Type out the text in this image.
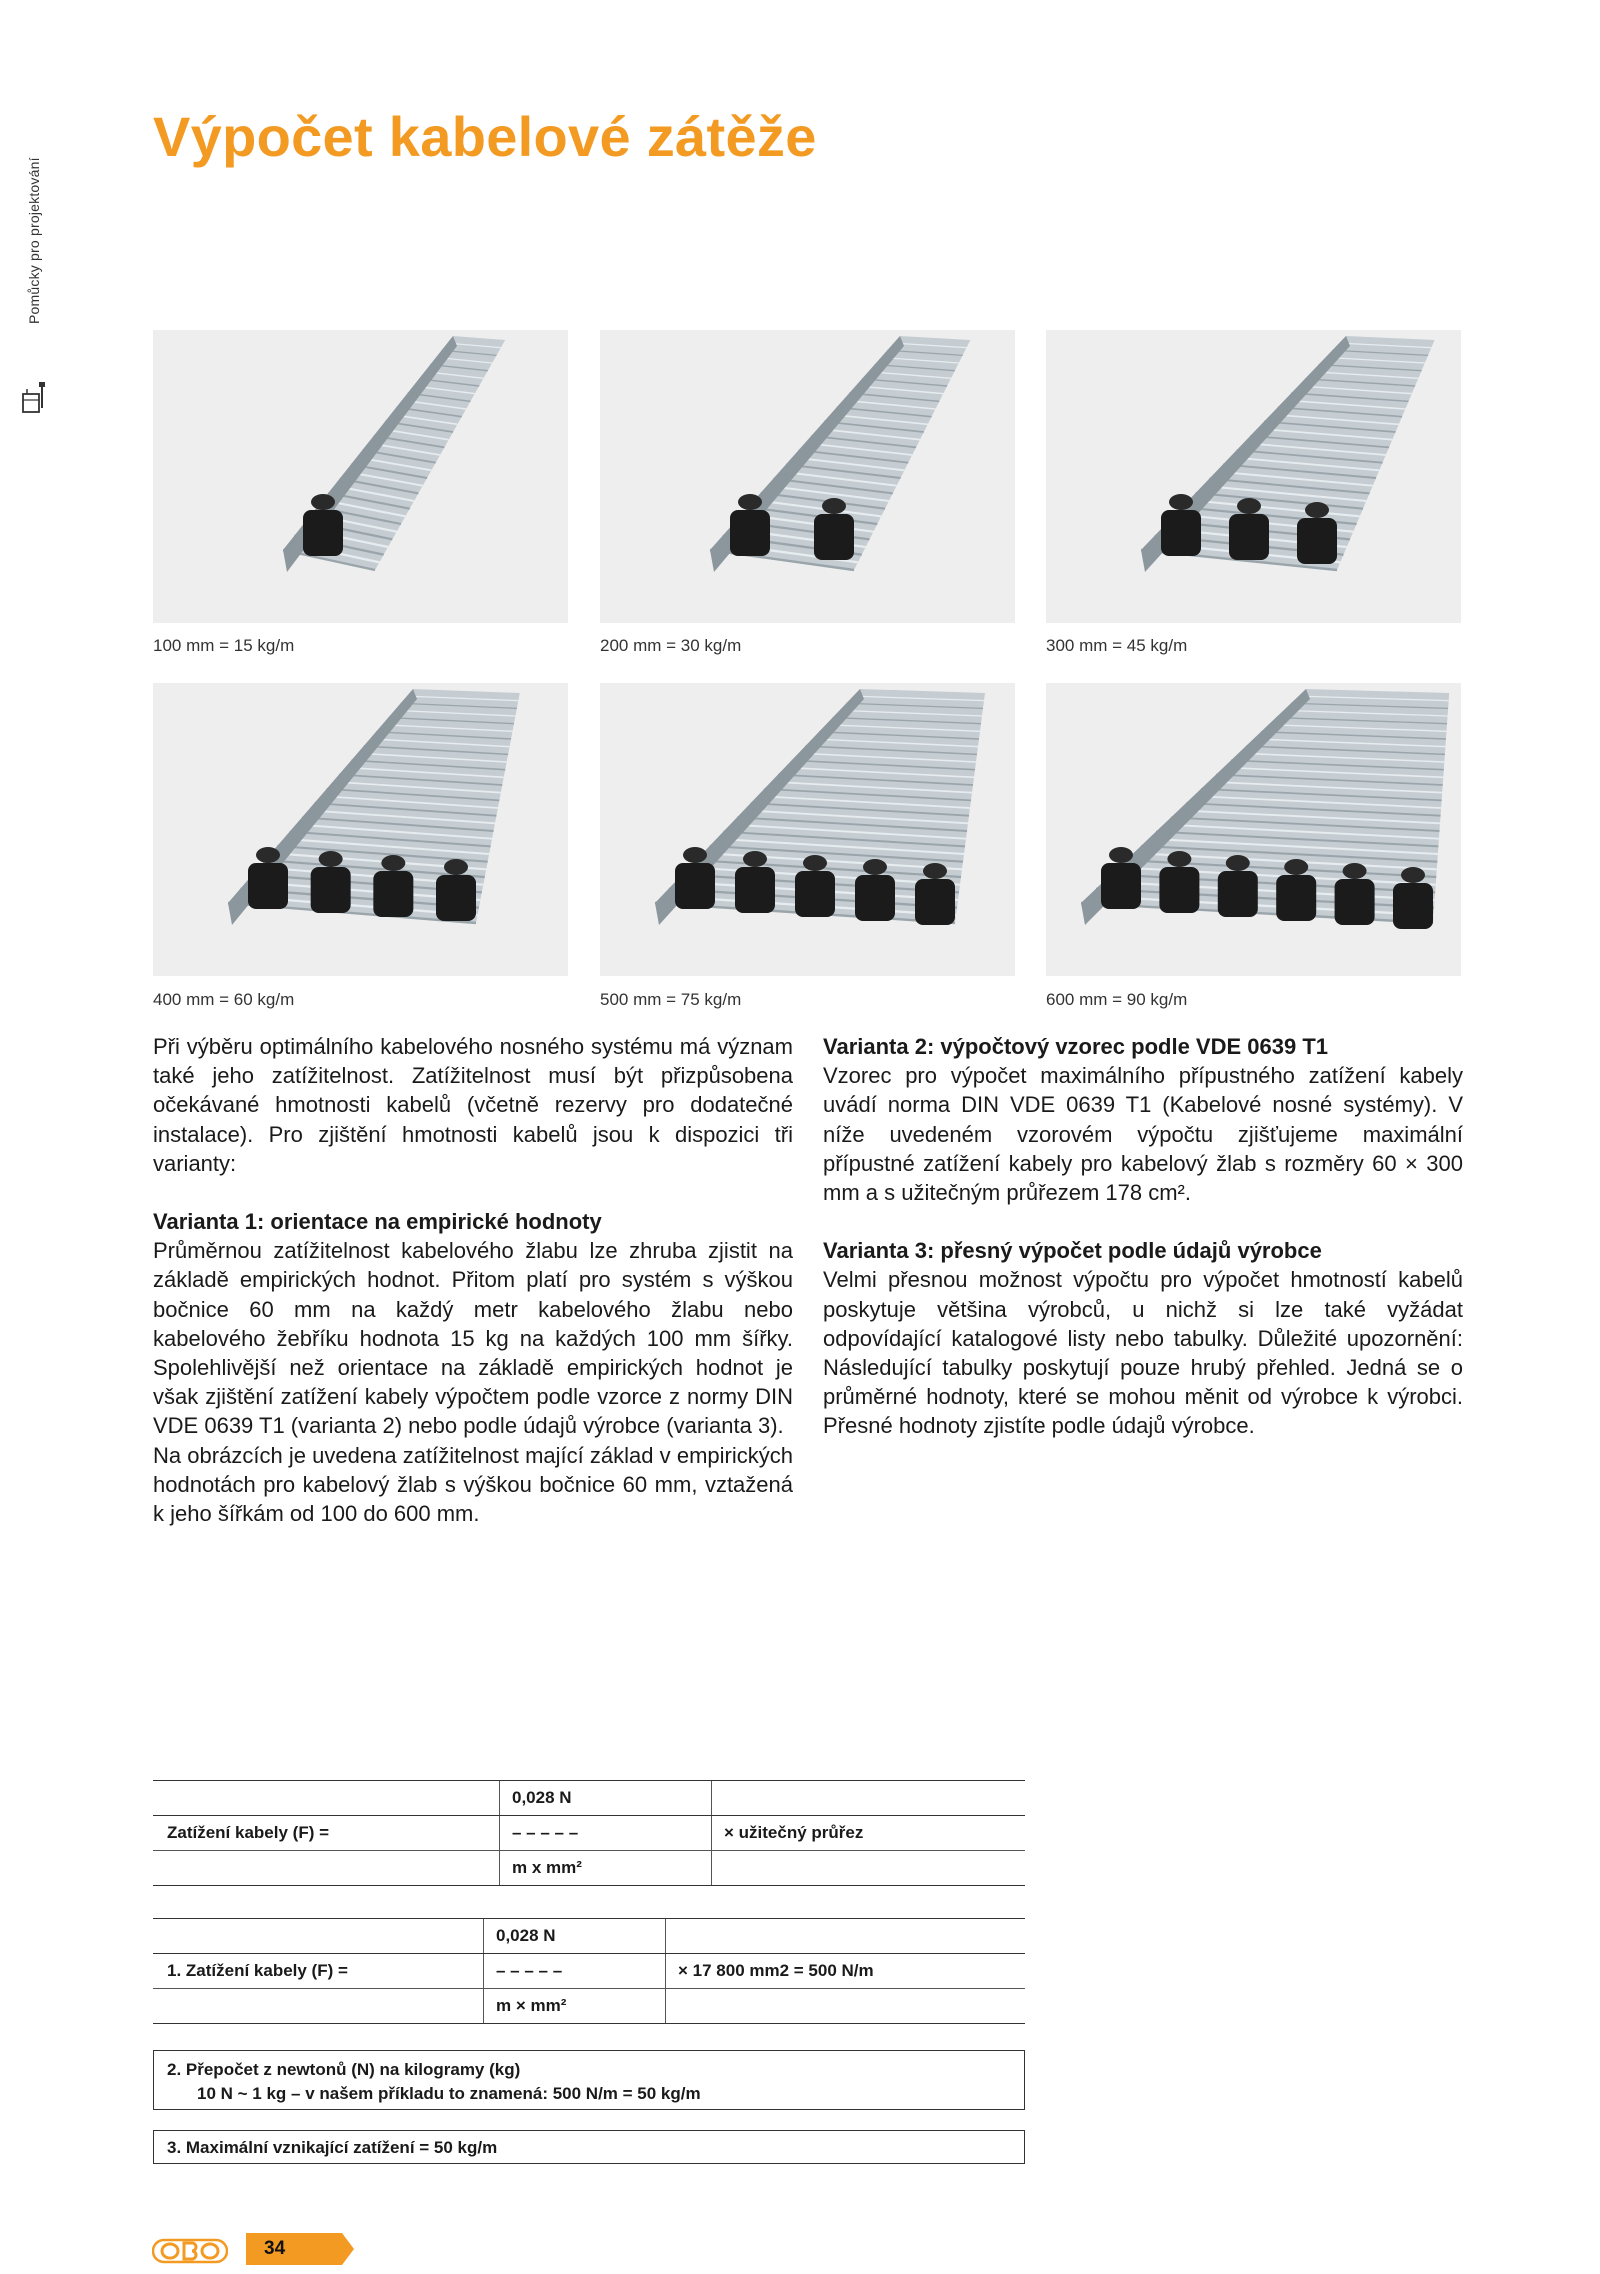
Pomůcky pro projektování
Výpočet kabelové zátěže
100 mm = 15 kg/m	200 mm = 30 kg/m	300 mm = 45 kg/m
400 mm = 60 kg/m	500 mm = 75 kg/m	600 mm = 90 kg/m

Při výběru optimálního kabelového nosného systému má význam také jeho zatížitelnost. Zatížitelnost musí být přizpůsobena očekávané hmotnosti kabelů (včetně rezervy pro dodatečné instalace). Pro zjištění hmotnosti kabelů jsou k dispozici tři varianty:

Varianta 1: orientace na empirické hodnoty

Průměrnou zatížitelnost kabelového žlabu lze zhruba zjistit na základě empirických hodnot. Přitom platí pro systém s výškou bočnice 60 mm na každý metr kabelového žlabu nebo kabelového žebříku hodnota 15 kg na každých 100 mm šířky. Spolehlivější než orientace na základě empirických hodnot je však zjištění zatížení kabely výpočtem podle vzorce z normy DIN VDE 0639 T1 (varianta 2) nebo podle údajů výrobce (varianta 3).

Na obrázcích je uvedena zatížitelnost mající základ v empirických hodnotách pro kabelový žlab s výškou bočnice 60 mm, vztažená k jeho šířkám od 100 do 600 mm.

Varianta 2: výpočtový vzorec podle VDE 0639 T1

Vzorec pro výpočet maximálního přípustného zatížení kabely uvádí norma DIN VDE 0639 T1 (Kabelové nosné systémy). V níže uvedeném vzorovém výpočtu zjišťujeme maximální přípustné zatížení kabely pro kabelový žlab s rozměry 60 × 300 mm a s užitečným průřezem 178 cm².

Varianta 3: přesný výpočet podle údajů výrobce

Velmi přesnou možnost výpočtu pro výpočet hmotností kabelů poskytuje většina výrobců, u nichž si lze také vyžádat odpovídající katalogové listy nebo tabulky. Důležité upozornění: Následující tabulky poskytují pouze hrubý přehled. Jedná se o průměrné hodnoty, které se mohou měnit od výrobce k výrobci. Přesné hodnoty zjistíte podle údajů výrobce.

0,028 N
Zatížení kabely (F) =	– – – – –	× užitečný průřez
m x mm²
0,028 N
1. Zatížení kabely (F) =	– – – – –	× 17 800 mm2 = 500 N/m
m × mm²
2. Přepočet z newtonů (N) na kilogramy (kg)
10 N ~ 1 kg – v našem příkladu to znamená: 500 N/m = 50 kg/m
3. Maximální vznikající zatížení = 50 kg/m
34
